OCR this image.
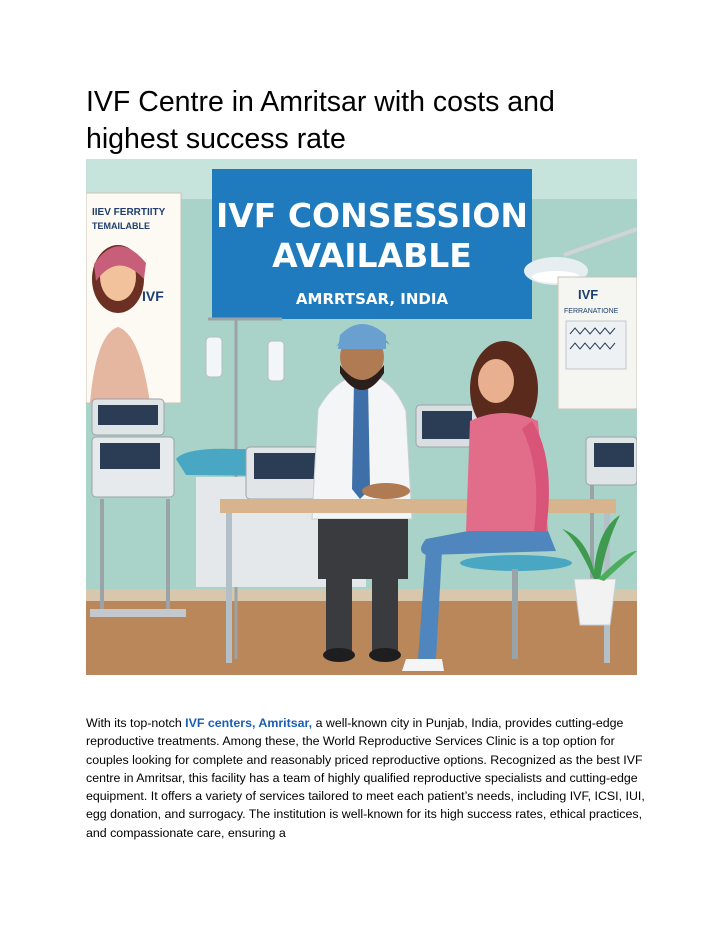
IVF Centre in Amritsar with costs and highest success rate
IIEV FERRTIITY
TEMAILABLE
IVF
IVF CONSESSION
AVAILABLE
AMRRTSAR, INDIA	IVF
FERRANATIONE

With its top-notch IVF centers, Amritsar, a well-known city in Punjab, India, provides cutting-edge reproductive treatments. Among these, the World Reproductive Services Clinic is a top option for couples looking for complete and reasonably priced reproductive options. Recognized as the best IVF centre in Amritsar, this facility has a team of highly qualified reproductive specialists and cutting-edge equipment. It offers a variety of services tailored to meet each patient’s needs, including IVF, ICSI, IUI, egg donation, and surrogacy. The institution is well-known for its high success rates, ethical practices, and compassionate care, ensuring a
